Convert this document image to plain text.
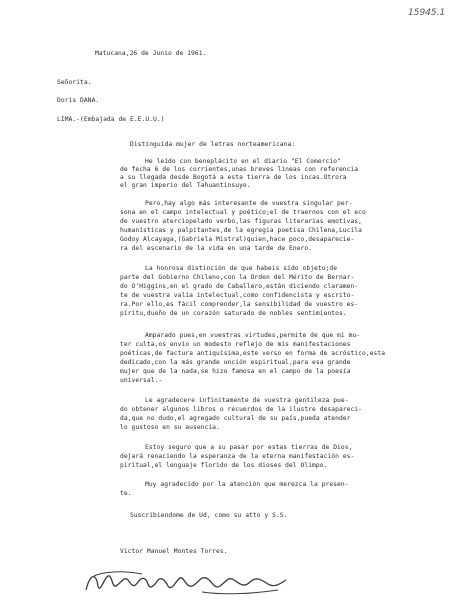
15945.1
Matucana,26 de Junio de 1961.
Señorita.
Doris DANA.
LIMA.-(Embajada de E.E.U.U.)
Distinguida mujer de letras norteamericana:
He leído con beneplácito en el diario "El Comercio"
de fecha 6 de los corrientes,unas breves líneas con referencia
a su llegada desde Bogotá a esta tierra de los incas.Otrora
el gran imperio del Tahuantinsuyo.
Pero,hay algo más interesante de vuestra singular per-
sona en el campo intelectual y poético;el de traernos con el eco
de vuestro aterciopelado verbo,las figuras literarias emotivas,
humanísticas y palpitantes,de la egregia poetisa Chilena,Lucila
Godoy Alcayaga,(Gabriela Mistral)quien,hace poco,desaparecie-
ra del escenario de la vida en una tarde de Enero.
La honrosa distinción de que habeis sido objeto;de
parte del Gobierno Chileno,con la Orden del Mérito de Bernar-
do O'Higgins,en el grado de Caballero,están diciendo claramen-
te de vuestra valía intelectual,como confidencista y escrito-
ra.Por ello,es fácil comprender,la sensibilidad de vuestro es-
píritu,dueño de un corazón saturado de nobles sentimientos.
Amparado pues,en vuestras virtudes,permite de que mi mu-
ter culta,os envío un modesto reflejo de mis manifestaciones
poéticas,de factura antiquísima,este verso en forma de acróstico,esta
dedicado,con la más grande unción espiritual,para esa grande
mujer que de la nada,se hizo famosa en el campo de la poesía
universal.-
Le agradecere infinitamente de vuestra gentileza pue-
do obtener algunos libros o recuerdos de la ilustre desapareci-
da,que no dudo,el agregado cultural de su país,pueda atender
lo gustoso en su ausencia.
Estoy seguro que a su pasar por estas tierras de Dios,
dejará renaciendo la esperanza de la eterna manifestación es-
piritual,el lenguaje florido de los dioses del Olimpo.
Muy agradecido por la atención que merezca la presen-
te.
Suscribiendome de Ud, como su atto y S.S.
Victor Manuel Montes Torres.
